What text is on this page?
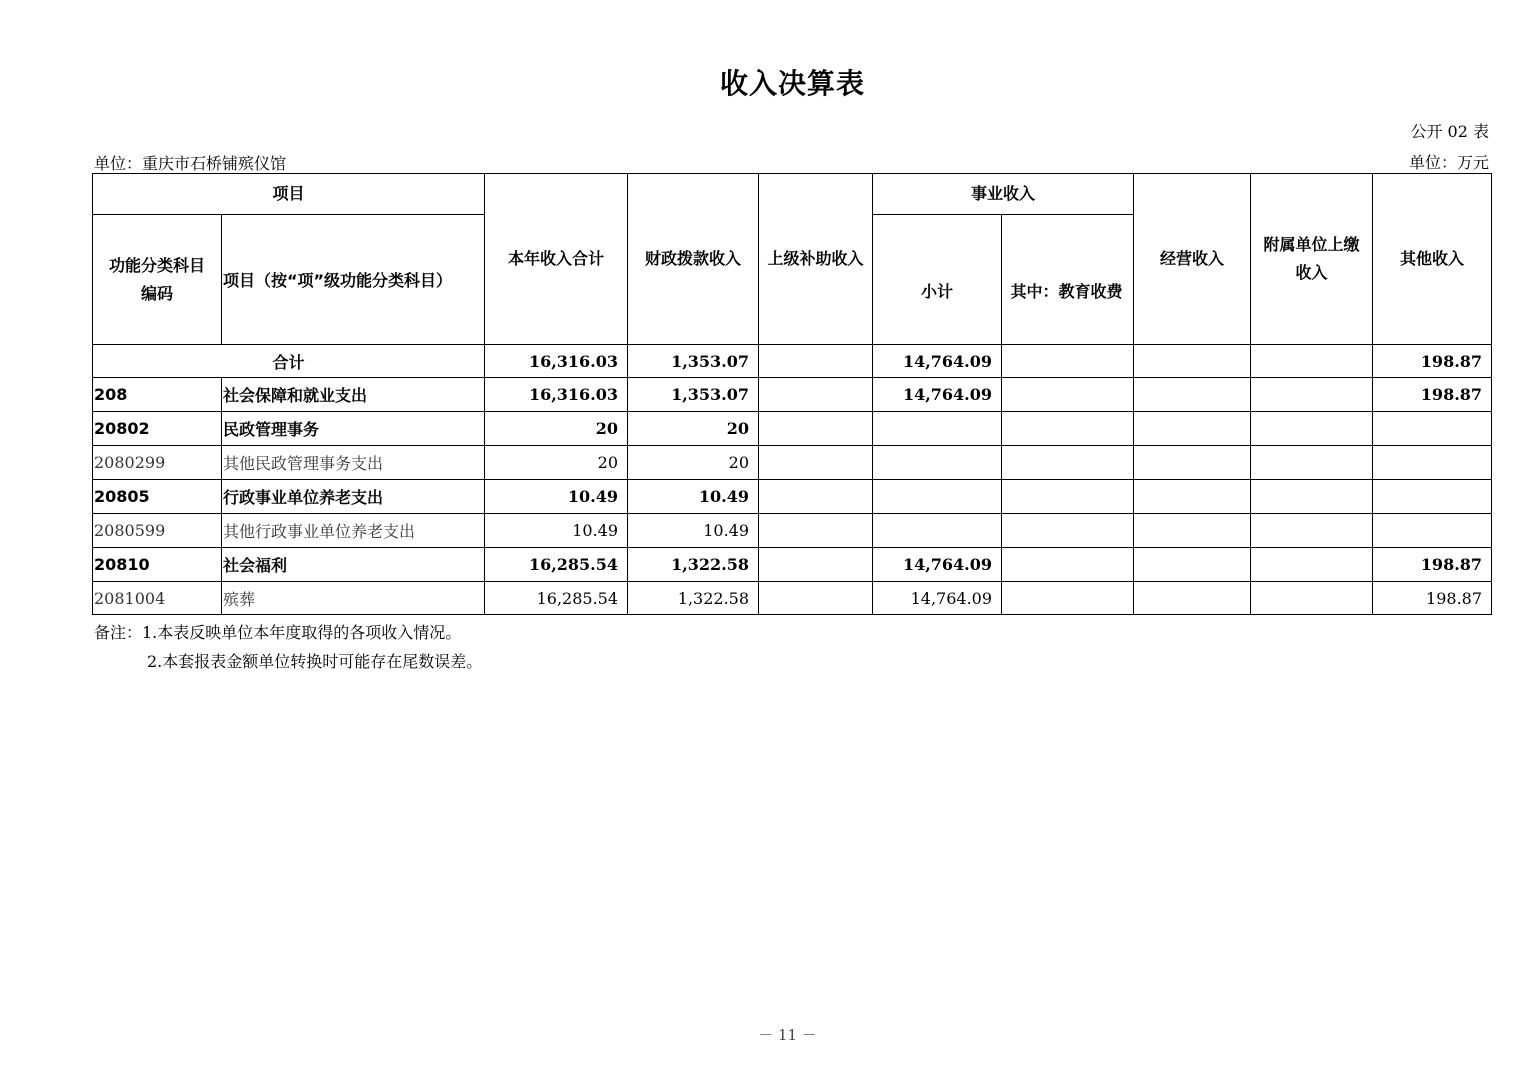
收入决算表
公开 02 表
单位：重庆市石桥铺殡仪馆	单位：万元
项目		本年收入合计	财政拨款收入	上级补助收入	事业收入		经营收入	附属单位上缴收入	其他收入
功能分类科目编码	项目（按“项”级功能分类科目）				小计	其中：教育收费			
合计		16,316.03	1,353.07		14,764.09				198.87
208	社会保障和就业支出	16,316.03	1,353.07		14,764.09				198.87
20802	民政管理事务	20	20						
2080299	其他民政管理事务支出	20	20						
20805	行政事业单位养老支出	10.49	10.49						
2080599	其他行政事业单位养老支出	10.49	10.49						
20810	社会福利	16,285.54	1,322.58		14,764.09				198.87
2081004	殡葬	16,285.54	1,322.58		14,764.09				198.87
备注：1.本表反映单位本年度取得的各项收入情况。
2.本套报表金额单位转换时可能存在尾数误差。
－ 11 －
